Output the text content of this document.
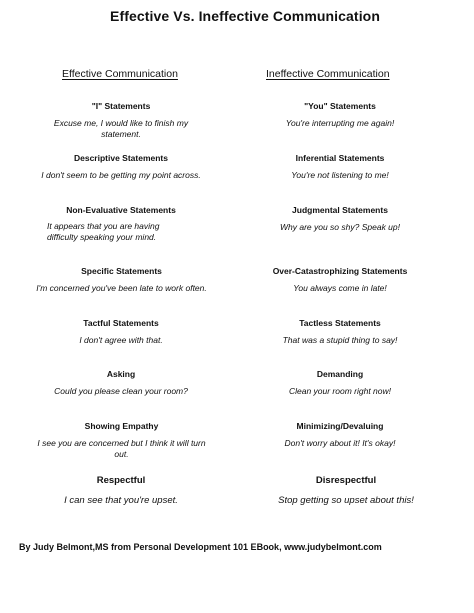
Effective Vs. Ineffective Communication
Effective Communication	Ineffective Communication
"I" Statements
Excuse me, I would like to finish my statement.
"You" Statements
You're interrupting me again!
Descriptive Statements
I don't seem to be getting my point across.
Inferential Statements
You're not listening to me!
Non-Evaluative Statements
It appears that you are having difficulty speaking your mind.
Judgmental Statements
Why are you so shy? Speak up!
Specific Statements
I'm concerned you've been late to work often.
Over-Catastrophizing Statements
You always come in late!
Tactful Statements
I don't agree with that.
Tactless Statements
That was a stupid thing to say!
Asking
Could you please clean your room?
Demanding
Clean your room right now!
Showing Empathy
I see you are concerned but I think it will turn out.
Minimizing/Devaluing
Don't worry about it! It's okay!
Respectful
I can see that you're upset.
Disrespectful
Stop getting so upset about this!
By Judy Belmont,MS from Personal Development 101 EBook, www.judybelmont.com
